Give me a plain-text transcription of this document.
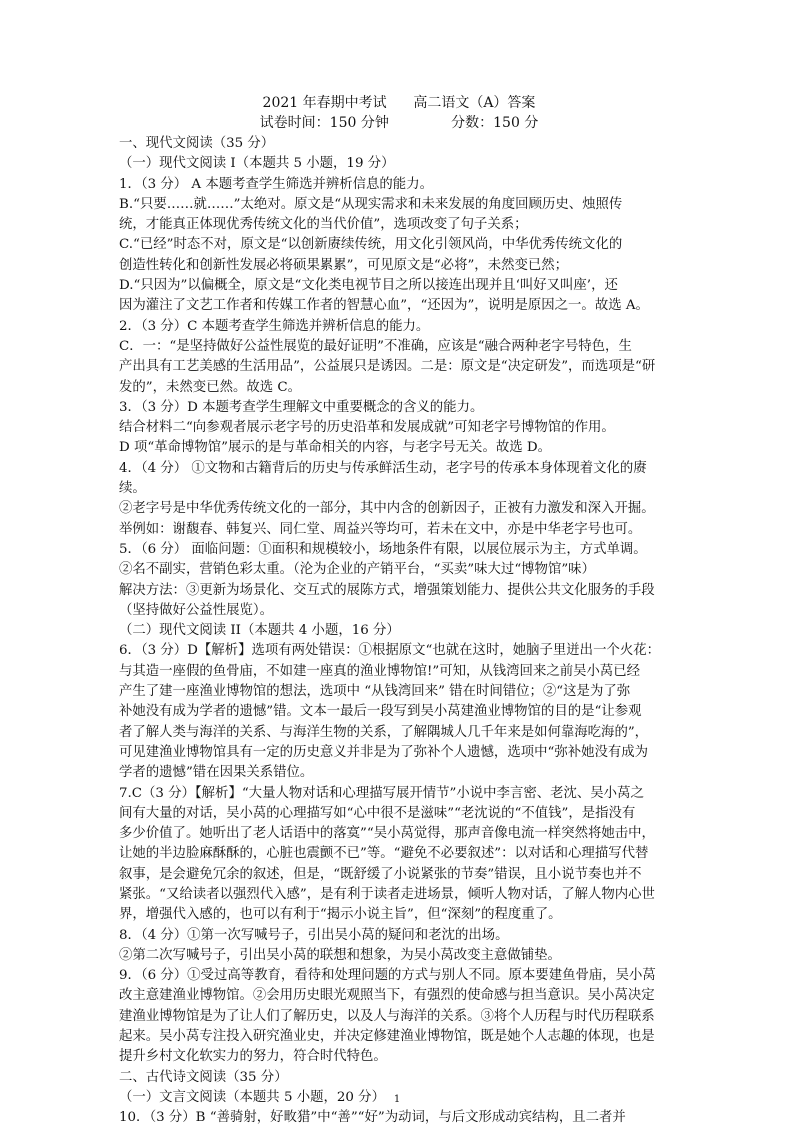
2021 年春期中考试      高二语文（A）答案
试卷时间：150 分钟              分数：150 分
一、现代文阅读（35 分）
（一）现代文阅读 I（本题共 5 小题，19 分）
1．（3 分） A 本题考查学生筛选并辨析信息的能力。
B.“只要……就……”太绝对。原文是“从现实需求和未来发展的角度回顾历史、烛照传
统，才能真正体现优秀传统文化的当代价值”，选项改变了句子关系；
C.“已经”时态不对，原文是“以创新赓续传统，用文化引领风尚，中华优秀传统文化的
创造性转化和创新性发展必将硕果累累”，可见原文是“必将”，未然变已然；
D.“只因为”以偏概全，原文是“文化类电视节目之所以接连出现并且‘叫好又叫座’，还
因为灌注了文艺工作者和传媒工作者的智慧心血”，“还因为”，说明是原因之一。故选 A。
2．（3 分）C 本题考查学生筛选并辨析信息的能力。
C．一：“是坚持做好公益性展览的最好证明”不准确，应该是“融合两种老字号特色，生
产出具有工艺美感的生活用品”，公益展只是诱因。二是：原文是“决定研发”，而选项是“研
发的”，未然变已然。故选 C。
3．（3 分）D 本题考查学生理解文中重要概念的含义的能力。
结合材料二“向参观者展示老字号的历史沿革和发展成就”可知老字号博物馆的作用。
D 项“革命博物馆”展示的是与革命相关的内容，与老字号无关。故选 D。
4．（4 分） ①文物和古籍背后的历史与传承鲜活生动，老字号的传承本身体现着文化的赓
续。
②老字号是中华优秀传统文化的一部分，其中内含的创新因子，正被有力激发和深入开掘。
举例如：谢馥春、韩复兴、同仁堂、周益兴等均可，若未在文中，亦是中华老字号也可。
5．（6 分） 面临问题：①面积和规模较小，场地条件有限，以展位展示为主，方式单调。
②名不副实，营销色彩太重。（沦为企业的产销平台，“买卖”味大过“博物馆”味）
解决方法：③更新为场景化、交互式的展陈方式，增强策划能力、提供公共文化服务的手段
（坚持做好公益性展览）。
（二）现代文阅读 II（本题共 4 小题，16 分）
6．（3 分）D【解析】选项有两处错误：①根据原文“也就在这时，她脑子里迸出一个火花：
与其造一座假的鱼骨庙，不如建一座真的渔业博物馆!”可知，从钱湾回来之前吴小莴已经
产生了建一座渔业博物馆的想法，选项中 “从钱湾回来” 错在时间错位；②“这是为了弥
补她没有成为学者的遗憾”错。文本一最后一段写到吴小莴建渔业博物馆的目的是“让参观
者了解人类与海洋的关系、与海洋生物的关系，了解隅城人几千年来是如何靠海吃海的”，
可见建渔业博物馆具有一定的历史意义并非是为了弥补个人遗憾，选项中“弥补她没有成为
学者的遗憾”错在因果关系错位。
7.C（3 分）【解析】“大量人物对话和心理描写展开情节”小说中李言密、老沈、吴小莴之
间有大量的对话，吴小莴的心理描写如“心中很不是滋味”“老沈说的“不值钱”，是指没有
多少价值了。她听出了老人话语中的落寞”“吴小莴觉得，那声音像电流一样突然将她击中，
让她的半边脸麻酥酥的，心脏也震颤不已”等。“避免不必要叙述”：以对话和心理描写代替
叙事，是会避免冗余的叙述，但是，“既舒缓了小说紧张的节奏”错误，且小说节奏也并不
紧张。“又给读者以强烈代入感”，是有利于读者走进场景，倾听人物对话，了解人物内心世
界，增强代入感的，也可以有利于“揭示小说主旨”，但“深刻”的程度重了。
8．（4 分）①第一次写喊号子，引出吴小莴的疑问和老沈的出场。
②第二次写喊号子，引出吴小莴的联想和想象，为吴小莴改变主意做铺垫。
9．（6 分）①受过高等教育，看待和处理问题的方式与别人不同。原本要建鱼骨庙，吴小莴
改主意建渔业博物馆。②会用历史眼光观照当下，有强烈的使命感与担当意识。吴小莴决定
建渔业博物馆是为了让人们了解历史，以及人与海洋的关系。③将个人历程与时代历程联系
起来。吴小莴专注投入研究渔业史，并决定修建渔业博物馆，既是她个人志趣的体现，也是
提升乡村文化软实力的努力，符合时代特色。
二、古代诗文阅读（35 分）
（一）文言文阅读（本题共 5 小题，20 分）
10．（3 分）B “善骑射，好畋猎”中“善”“好”为动词，与后文形成动宾结构，且二者并
1
